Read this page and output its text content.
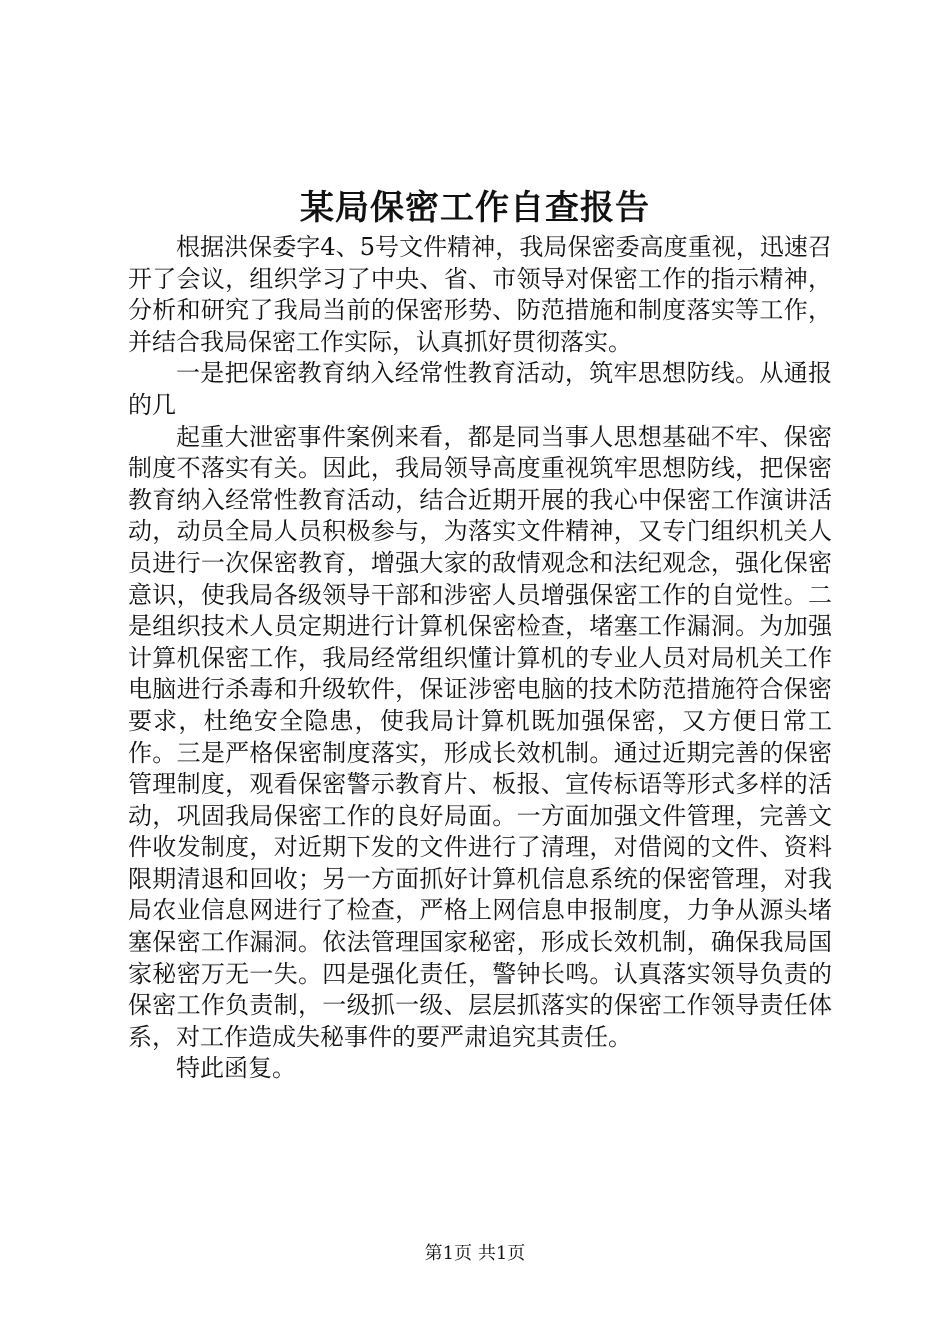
某局保密工作自查报告

根据洪保委字4、5号文件精神，我局保密委高度重视，迅速召开了会议，组织学习了中央、省、市领导对保密工作的指示精神，分析和研究了我局当前的保密形势、防范措施和制度落实等工作，并结合我局保密工作实际，认真抓好贯彻落实。

一是把保密教育纳入经常性教育活动，筑牢思想防线。从通报的几

起重大泄密事件案例来看，都是同当事人思想基础不牢、保密制度不落实有关。因此，我局领导高度重视筑牢思想防线，把保密教育纳入经常性教育活动，结合近期开展的我心中保密工作演讲活动，动员全局人员积极参与，为落实文件精神，又专门组织机关人员进行一次保密教育，增强大家的敌情观念和法纪观念，强化保密意识，使我局各级领导干部和涉密人员增强保密工作的自觉性。二是组织技术人员定期进行计算机保密检查，堵塞工作漏洞。为加强计算机保密工作，我局经常组织懂计算机的专业人员对局机关工作电脑进行杀毒和升级软件，保证涉密电脑的技术防范措施符合保密要求，杜绝安全隐患，使我局计算机既加强保密，又方便日常工作。三是严格保密制度落实，形成长效机制。通过近期完善的保密管理制度，观看保密警示教育片、板报、宣传标语等形式多样的活动，巩固我局保密工作的良好局面。一方面加强文件管理，完善文件收发制度，对近期下发的文件进行了清理，对借阅的文件、资料限期清退和回收；另一方面抓好计算机信息系统的保密管理，对我局农业信息网进行了检查，严格上网信息申报制度，力争从源头堵塞保密工作漏洞。依法管理国家秘密，形成长效机制，确保我局国家秘密万无一失。四是强化责任，警钟长鸣。认真落实领导负责的保密工作负责制，一级抓一级、层层抓落实的保密工作领导责任体系，对工作造成失秘事件的要严肃追究其责任。

特此函复。

第1页 共1页
